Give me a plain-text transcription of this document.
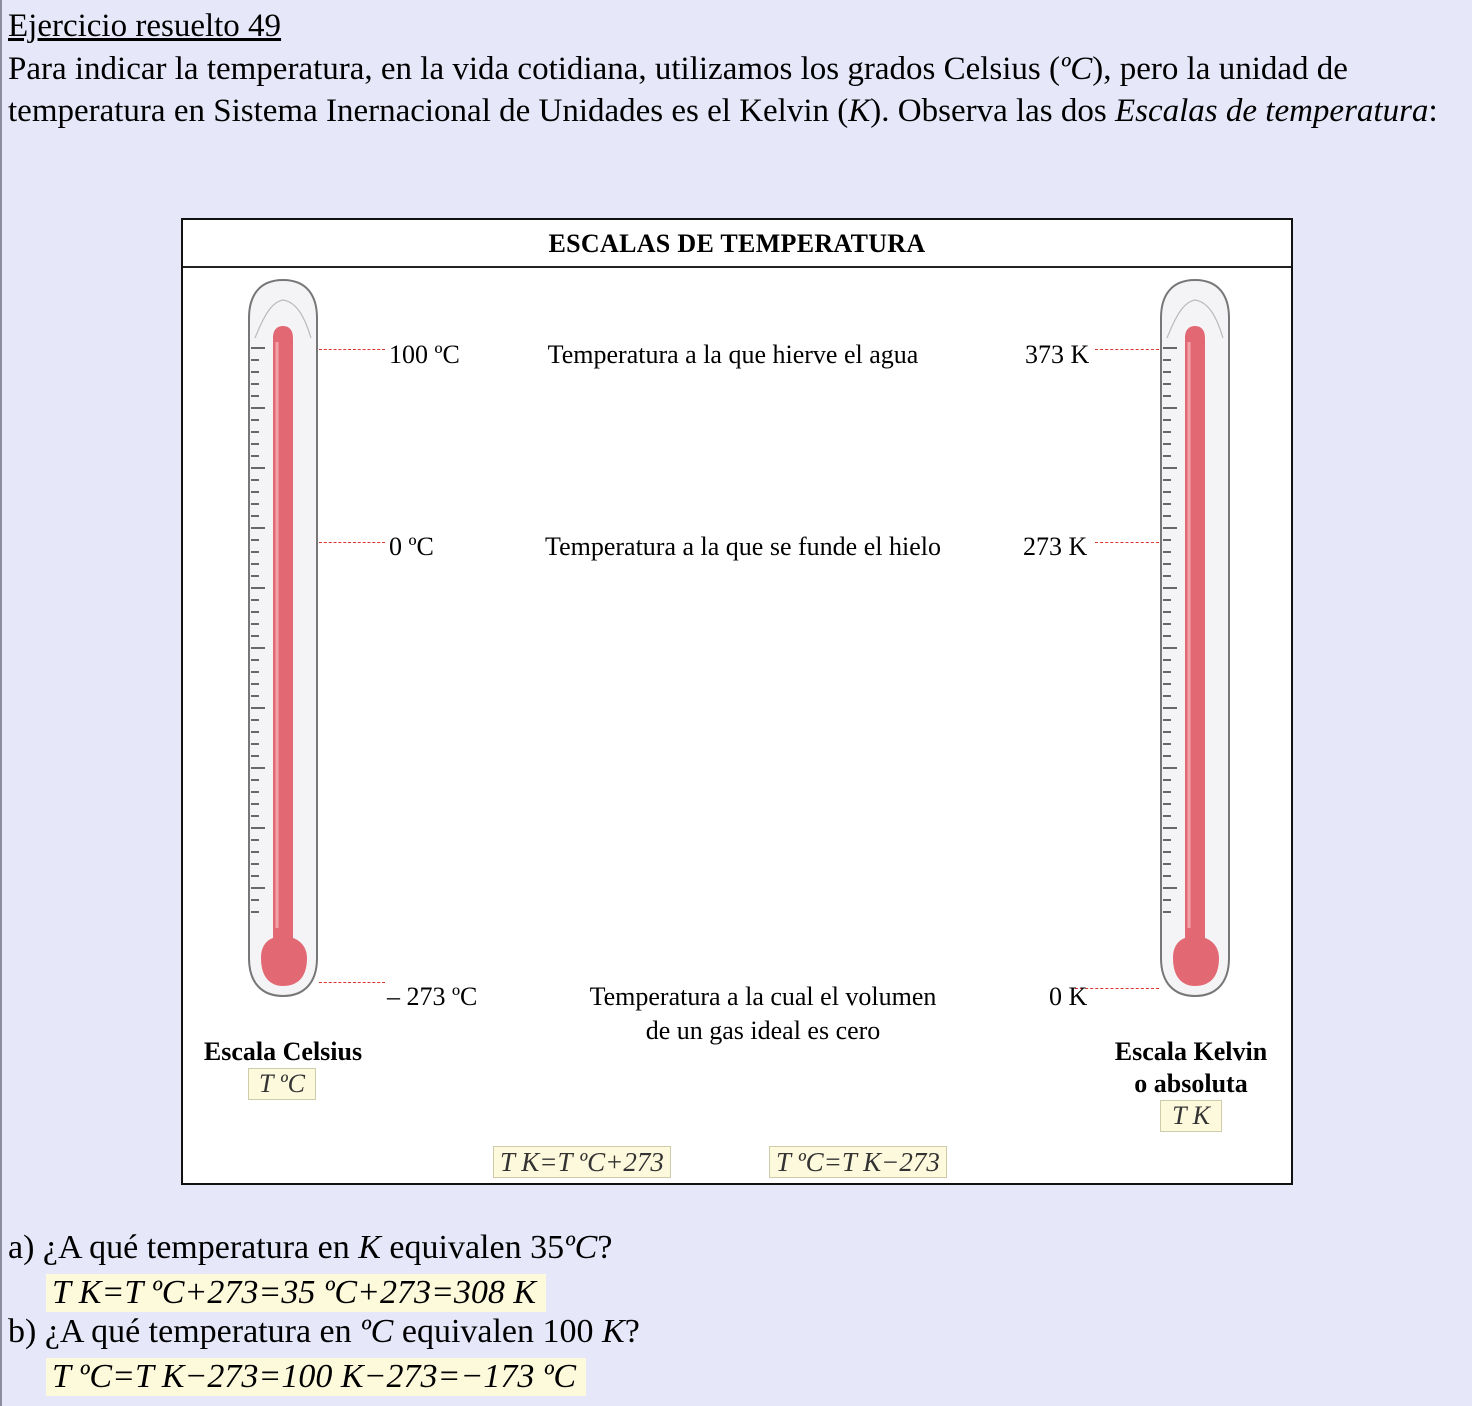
Ejercicio resuelto 49
Para indicar la temperatura, en la vida cotidiana, utilizamos los grados Celsius (ºC), pero la unidad de temperatura en Sistema Inernacional de Unidades es el Kelvin (K). Observa las dos Escalas de temperatura:
ESCALAS DE TEMPERATURA
100 ºC
0 ºC
– 273 ºC
373 K
273 K
0 K
Temperatura a la que hierve el agua
Temperatura a la que se funde el hielo
Temperatura a la cual el volumen
de un gas ideal es cero
Escala Celsius
T ºC
Escala Kelvin
o absoluta
T K
T K=T ºC+273	T ºC=T K−273
a) ¿A qué temperatura en K equivalen 35ºC?
T K=T ºC+273=35 ºC+273=308 K
b) ¿A qué temperatura en ºC equivalen 100 K?
T ºC=T K−273=100 K−273=−173 ºC
